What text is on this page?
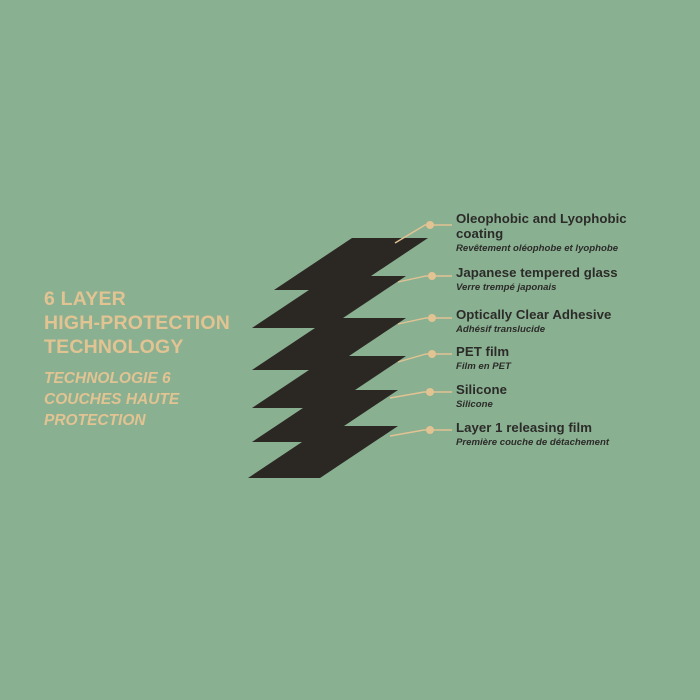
6 LAYER
HIGH-PROTECTION
TECHNOLOGY
TECHNOLOGIE 6
COUCHES HAUTE
PROTECTION
Oleophobic and Lyophobic coating
Revêtement oléophobe et lyophobe
Japanese tempered glass
Verre trempé japonais
Optically Clear Adhesive
Adhésif translucide
PET film
Film en PET
Silicone
Silicone
Layer 1 releasing film
Première couche de détachement
